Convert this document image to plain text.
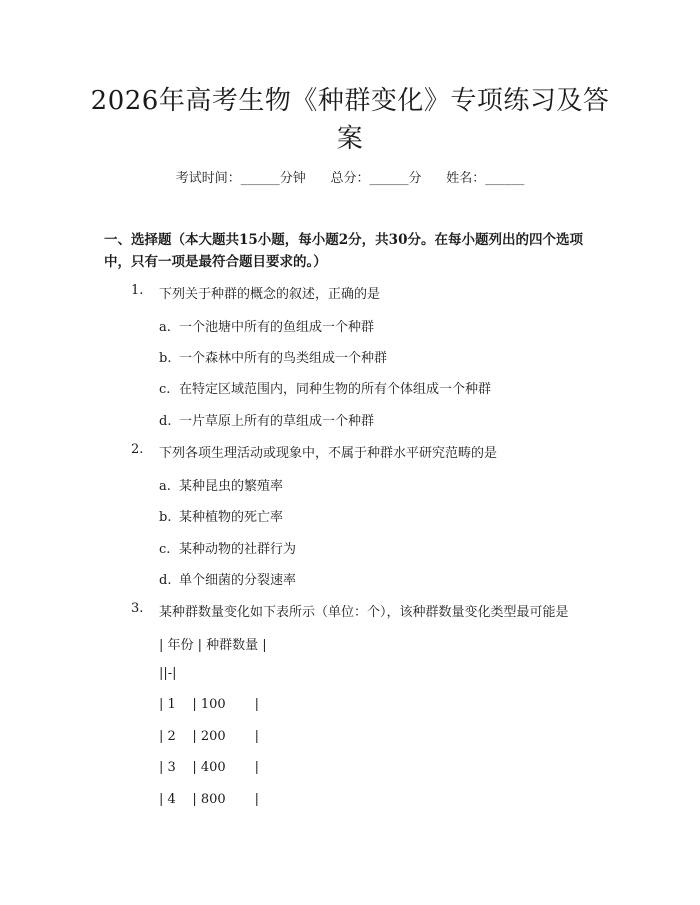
2026年高考生物《种群变化》专项练习及答案
考试时间：______分钟      总分：______分      姓名：______
一、选择题（本大题共15小题，每小题2分，共30分。在每小题列出的四个选项中，只有一项是最符合题目要求的。）
1. 下列关于种群的概念的叙述，正确的是
a. 一个池塘中所有的鱼组成一个种群
b. 一个森林中所有的鸟类组成一个种群
c. 在特定区域范围内，同种生物的所有个体组成一个种群
d. 一片草原上所有的草组成一个种群
2. 下列各项生理活动或现象中，不属于种群水平研究范畴的是
a. 某种昆虫的繁殖率
b. 某种植物的死亡率
c. 某种动物的社群行为
d. 单个细菌的分裂速率
3. 某种群数量变化如下表所示（单位：个），该种群数量变化类型最可能是
| 年份 | 种群数量 |
||-|
| 1    | 100       |
| 2    | 200       |
| 3    | 400       |
| 4    | 800       |
